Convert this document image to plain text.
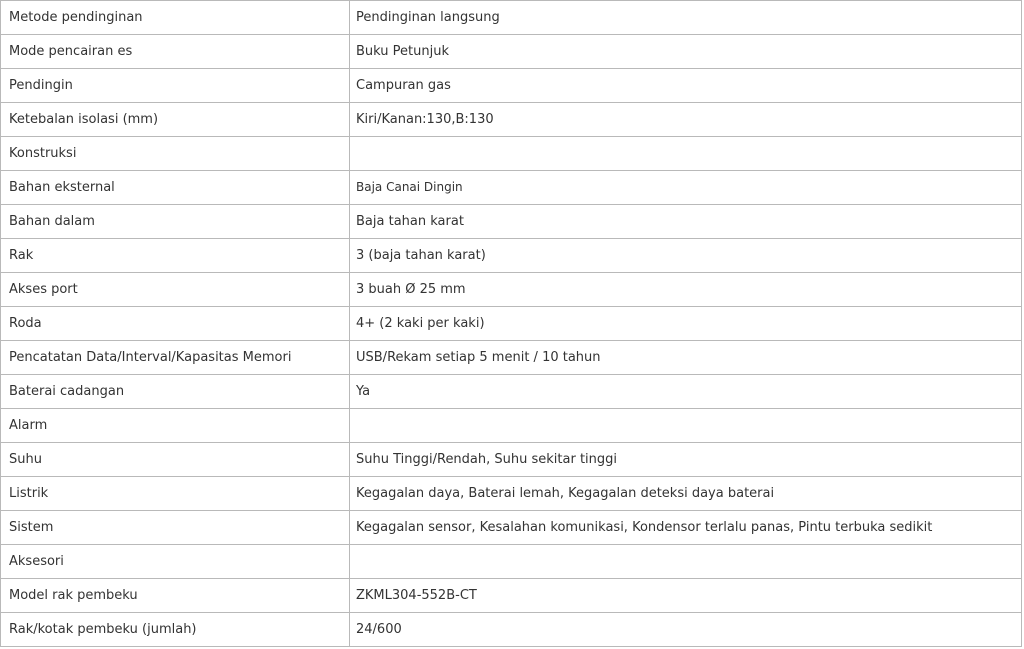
Metode pendinginan	Pendinginan langsung
Mode pencairan es	Buku Petunjuk
Pendingin	Campuran gas
Ketebalan isolasi (mm)	Kiri/Kanan:130,B:130
Konstruksi	
Bahan eksternal	Baja Canai Dingin
Bahan dalam	Baja tahan karat
Rak	3 (baja tahan karat)
Akses port	3 buah Ø 25 mm
Roda	4+ (2 kaki per kaki)
Pencatatan Data/Interval/Kapasitas Memori	USB/Rekam setiap 5 menit / 10 tahun
Baterai cadangan	Ya
Alarm	
Suhu	Suhu Tinggi/Rendah, Suhu sekitar tinggi
Listrik	Kegagalan daya, Baterai lemah, Kegagalan deteksi daya baterai
Sistem	Kegagalan sensor, Kesalahan komunikasi, Kondensor terlalu panas, Pintu terbuka sedikit
Aksesori	
Model rak pembeku	ZKML304-552B-CT
Rak/kotak pembeku (jumlah)	24/600
